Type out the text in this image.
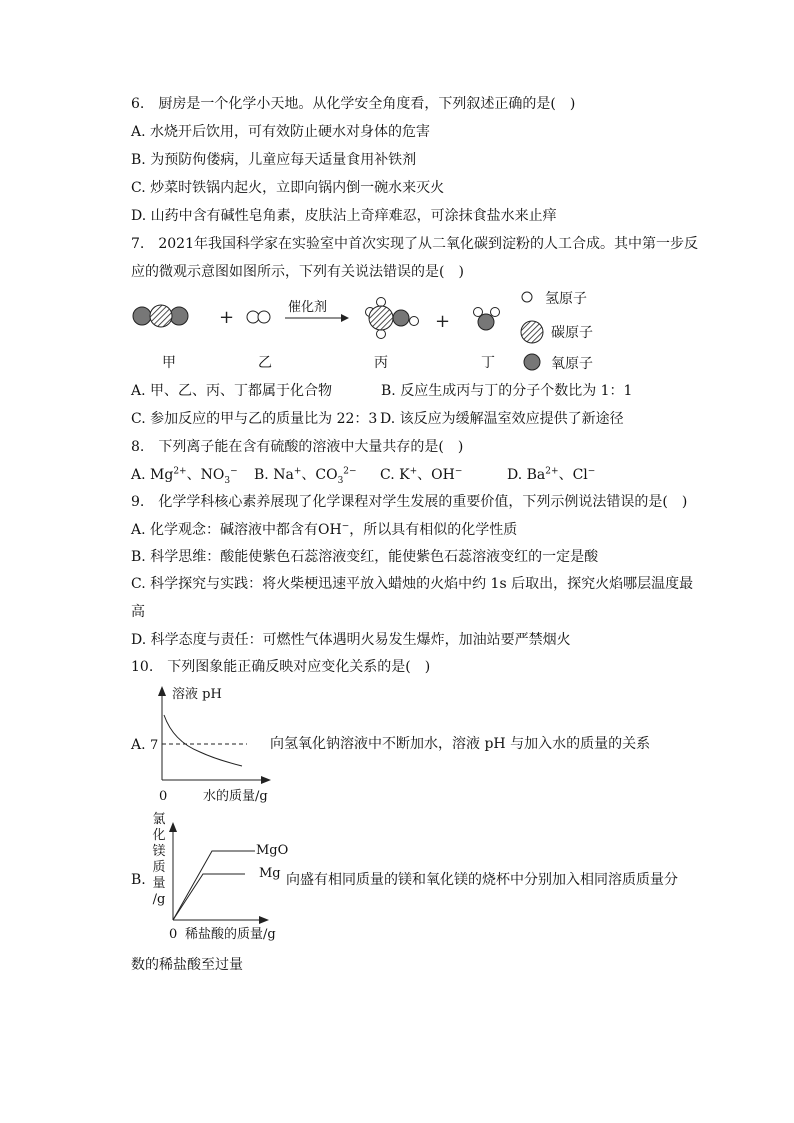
6.　厨房是一个化学小天地。从化学安全角度看，下列叙述正确的是(　)
A. 水烧开后饮用，可有效防止硬水对身体的危害
B. 为预防佝偻病，儿童应每天适量食用补铁剂
C. 炒菜时铁锅内起火，立即向锅内倒一碗水来灭火
D. 山药中含有碱性皂角素，皮肤沾上奇痒难忍，可涂抹食盐水来止痒
7.　2021年我国科学家在实验室中首次实现了从二氧化碳到淀粉的人工合成。其中第一步反
应的微观示意图如图所示，下列有关说法错误的是(　)
+	催化剂
+
甲	乙	丙	丁
氢原子
碳原子
氧原子
A. 甲、乙、丙、丁都属于化合物	B. 反应生成丙与丁的分子个数比为 1：1
C. 参加反应的甲与乙的质量比为 22：3 D. 该反应为缓解温室效应提供了新途径
8.　下列离子能在含有硫酸的溶液中大量共存的是(　)
A. $Mg^{2+}$、$NO_3^-$ B. Na+、$CO_3^{2-}$ C. K+、OH−	D. $Ba^{2+}$、Cl−
9.　化学学科核心素养展现了化学课程对学生发展的重要价值，下列示例说法错误的是(　)
A. 化学观念：碱溶液中都含有OH−，所以具有相似的化学性质
B. 科学思维：酸能使紫色石蕊溶液变红，能使紫色石蕊溶液变红的一定是酸
C. 科学探究与实践：将火柴梗迅速平放入蜡烛的火焰中约 1s 后取出，探究火焰哪层温度最
高
D. 科学态度与责任：可燃性气体遇明火易发生爆炸，加油站要严禁烟火
10.　下列图象能正确反映对应变化关系的是(　)
A.
溶液 pH
7
0	水的质量/g
向氢氧化钠溶液中不断加水，溶液 pH 与加入水的质量的关系
B.
氯
化
镁
质
量
/g
0 稀盐酸的质量/g
MgO
Mg 向盛有相同质量的镁和氧化镁的烧杯中分别加入相同溶质质量分
数的稀盐酸至过量
